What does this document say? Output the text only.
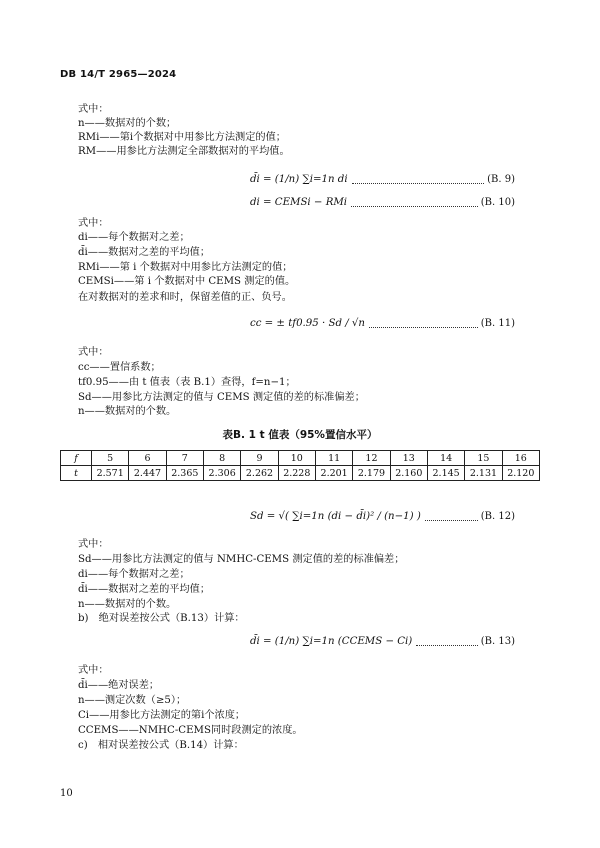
DB 14/T 2965—2024
式中：
n——数据对的个数；
RMi——第i个数据对中用参比方法测定的值；
RM——用参比方法测定全部数据对的平均值。
d̄i = (1/n) ∑i=1n di	(B. 9)
di = CEMSi − RMi	(B. 10)
式中：
di——每个数据对之差；
d̄i——数据对之差的平均值；
RMi——第 i 个数据对中用参比方法测定的值；
CEMSi——第 i 个数据对中 CEMS 测定的值。
在对数据对的差求和时，保留差值的正、负号。
cc = ± tf0.95 · Sd / √n	(B. 11)
式中：
cc——置信系数；
tf0.95——由 t 值表（表 B.1）查得，f=n−1；
Sd——用参比方法测定的值与 CEMS 测定值的差的标准偏差；
n——数据对的个数。
表B. 1 t 值表（95%置信水平）
f	5	6	7	8	9	10	11	12	13	14	15	16
t	2.571	2.447	2.365	2.306	2.262	2.228	2.201	2.179	2.160	2.145	2.131	2.120
Sd = √( ∑i=1n (di − d̄i)² / (n−1) )	(B. 12)
式中：
Sd——用参比方法测定的值与 NMHC-CEMS 测定值的差的标准偏差；
di——每个数据对之差；
d̄i——数据对之差的平均值；
n——数据对的个数。
b)　绝对误差按公式（B.13）计算：
d̄i = (1/n) ∑i=1n (CCEMS − Ci)	(B. 13)
式中：
d̄i——绝对误差；
n——测定次数（≥5）；
Ci——用参比方法测定的第i个浓度；
CCEMS——NMHC-CEMS同时段测定的浓度。
c)　相对误差按公式（B.14）计算：
10
